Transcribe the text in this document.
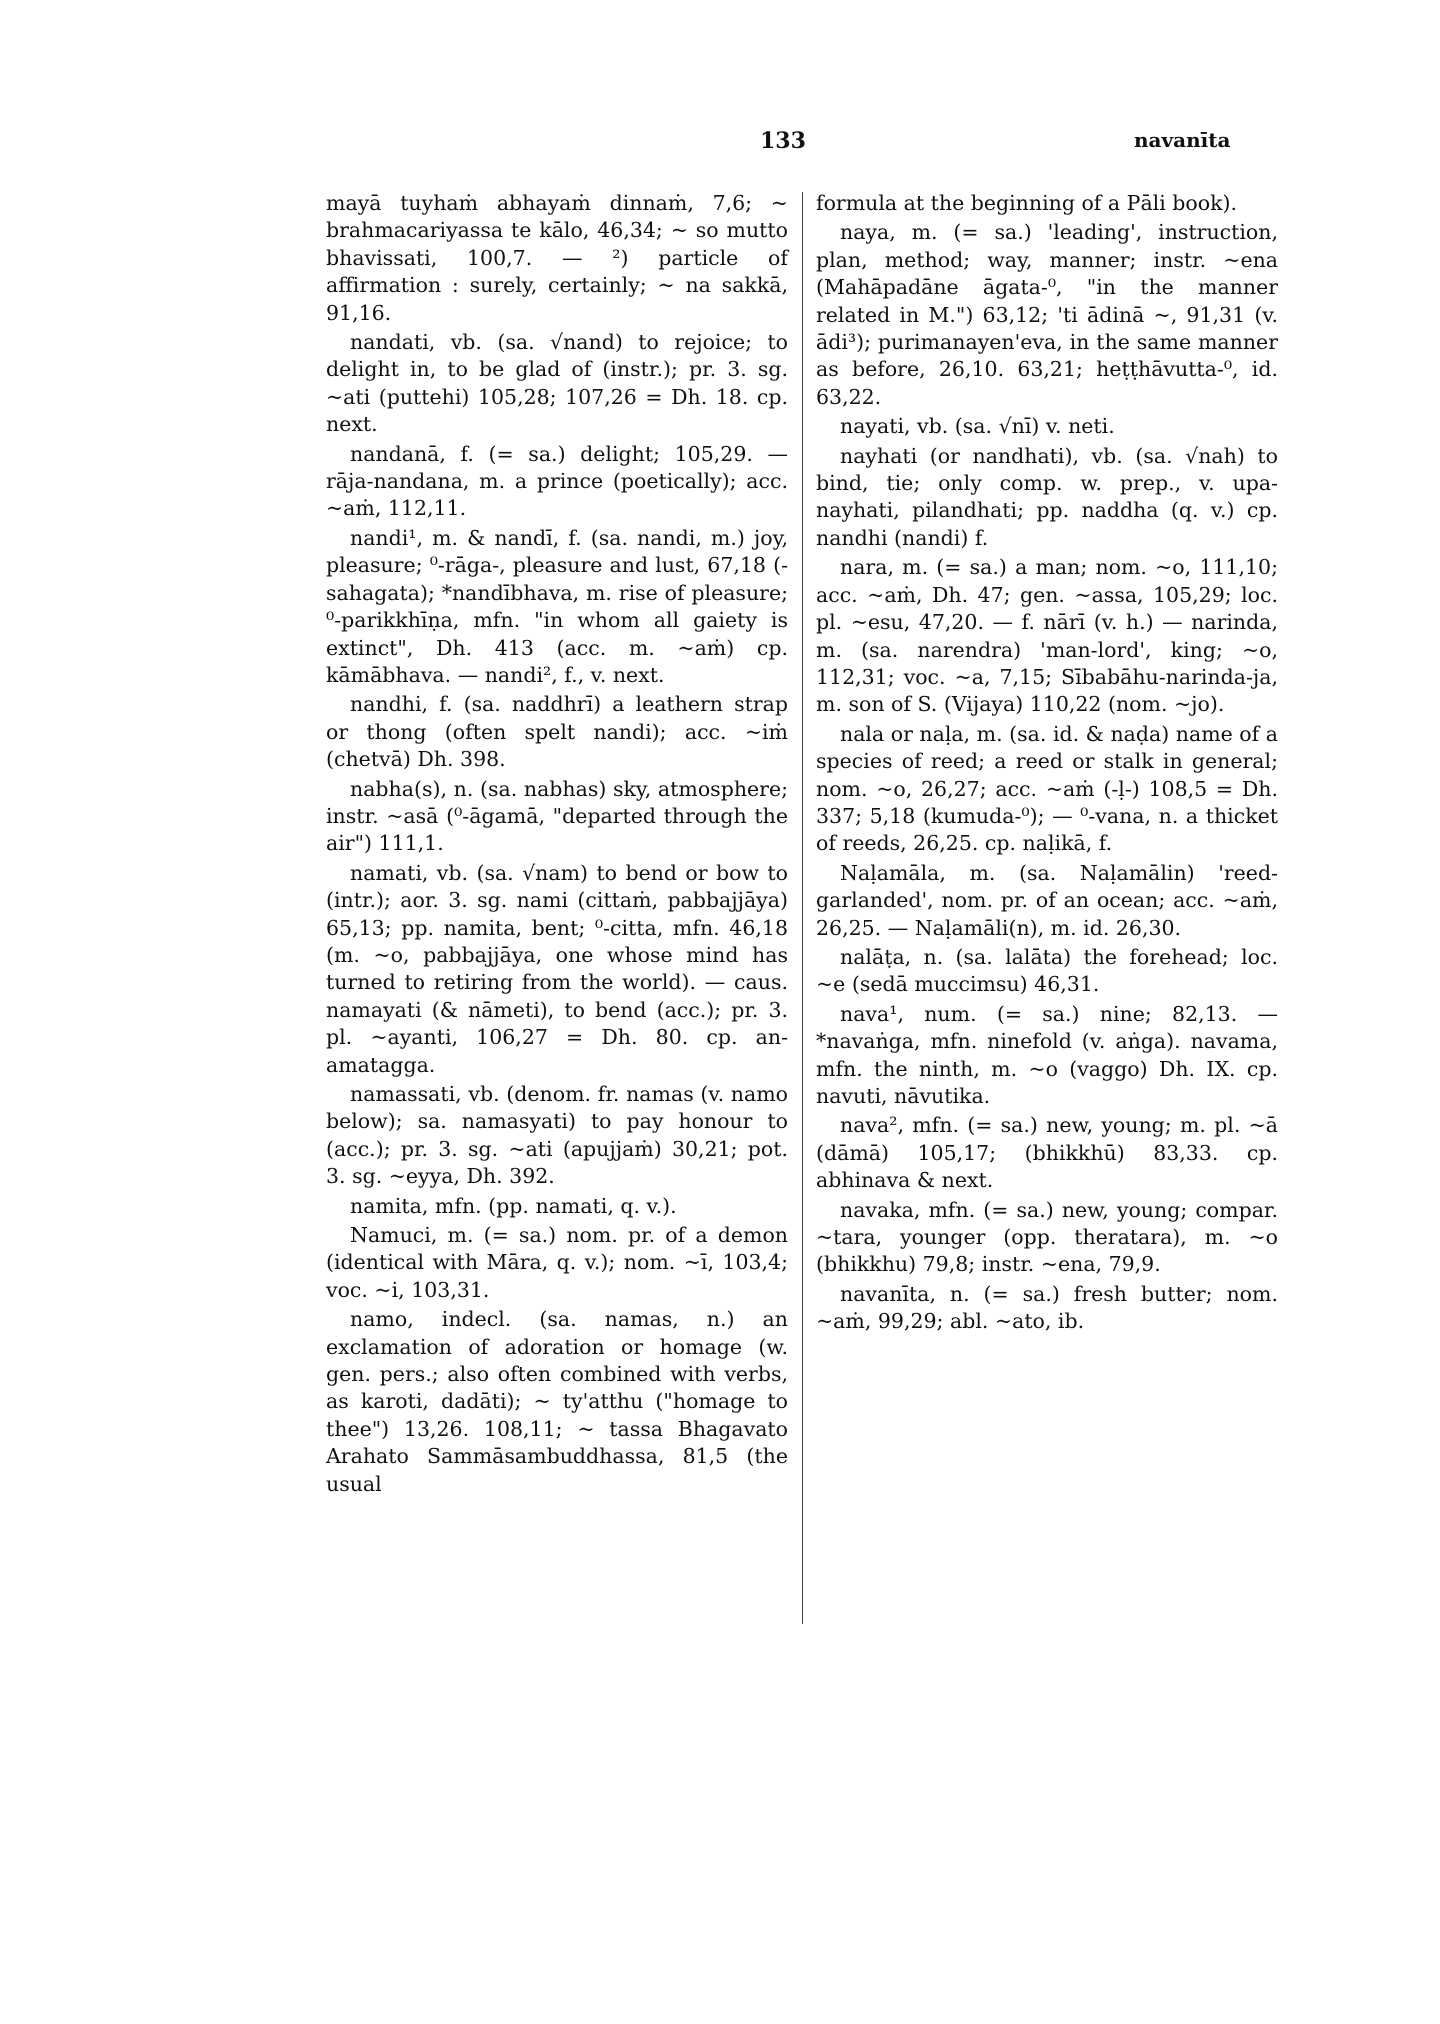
133	navanīta

mayā tuyhaṁ abhayaṁ dinnaṁ, 7,6; ~ brahmacariyassa te kālo, 46,34; ~ so mutto bhavissati, 100,7. — ²) particle of affirmation : surely, certainly; ~ na sakkā, 91,16.

nandati, vb. (sa. √nand) to rejoice; to delight in, to be glad of (instr.); pr. 3. sg. ~ati (puttehi) 105,28; 107,26 = Dh. 18. cp. next.

nandanā, f. (= sa.) delight; 105,29. — rāja-nandana, m. a prince (poetically); acc. ~aṁ, 112,11.

nandi¹, m. & nandī, f. (sa. nandi, m.) joy, pleasure; ⁰-rāga-, pleasure and lust, 67,18 (-sahagata); *nandībhava, m. rise of pleasure; ⁰-parikkhīṇa, mfn. "in whom all gaiety is extinct", Dh. 413 (acc. m. ~aṁ) cp. kāmābhava. — nandi², f., v. next.

nandhi, f. (sa. naddhrī) a leathern strap or thong (often spelt nandi); acc. ~iṁ (chetvā) Dh. 398.

nabha(s), n. (sa. nabhas) sky, atmosphere; instr. ~asā (⁰-āgamā, "departed through the air") 111,1.

namati, vb. (sa. √nam) to bend or bow to (intr.); aor. 3. sg. nami (cittaṁ, pabbajjāya) 65,13; pp. namita, bent; ⁰-citta, mfn. 46,18 (m. ~o, pabbajjāya, one whose mind has turned to retiring from the world). — caus. namayati (& nāmeti), to bend (acc.); pr. 3. pl. ~ayanti, 106,27 = Dh. 80. cp. an-amatagga.

namassati, vb. (denom. fr. namas (v. namo below); sa. namasyati) to pay honour to (acc.); pr. 3. sg. ~ati (apujjaṁ) 30,21; pot. 3. sg. ~eyya, Dh. 392.

namita, mfn. (pp. namati, q. v.).

Namuci, m. (= sa.) nom. pr. of a demon (identical with Māra, q. v.); nom. ~ī, 103,4; voc. ~i, 103,31.

namo, indecl. (sa. namas, n.) an exclamation of adoration or homage (w. gen. pers.; also often combined with verbs, as karoti, dadāti); ~ ty'atthu ("homage to thee") 13,26. 108,11; ~ tassa Bhagavato Arahato Sammāsambuddhassa, 81,5 (the usual

formula at the beginning of a Pāli book).

naya, m. (= sa.) 'leading', instruction, plan, method; way, manner; instr. ~ena (Mahāpadāne āgata-⁰, "in the manner related in M.") 63,12; 'ti ādinā ~, 91,31 (v. ādi³); purimanayen'eva, in the same manner as before, 26,10. 63,21; heṭṭhāvutta-⁰, id. 63,22.

nayati, vb. (sa. √nī) v. neti.

nayhati (or nandhati), vb. (sa. √nah) to bind, tie; only comp. w. prep., v. upa-nayhati, pilandhati; pp. naddha (q. v.) cp. nandhi (nandi) f.

nara, m. (= sa.) a man; nom. ~o, 111,10; acc. ~aṁ, Dh. 47; gen. ~assa, 105,29; loc. pl. ~esu, 47,20. — f. nārī (v. h.) — narinda, m. (sa. narendra) 'man-lord', king; ~o, 112,31; voc. ~a, 7,15; Sībabāhu-narinda-ja, m. son of S. (Vijaya) 110,22 (nom. ~jo).

nala or naḷa, m. (sa. id. & naḍa) name of a species of reed; a reed or stalk in general; nom. ~o, 26,27; acc. ~aṁ (-ḷ-) 108,5 = Dh. 337; 5,18 (kumuda-⁰); — ⁰-vana, n. a thicket of reeds, 26,25. cp. naḷikā, f.

Naḷamāla, m. (sa. Naḷamālin) 'reed-garlanded', nom. pr. of an ocean; acc. ~aṁ, 26,25. — Naḷamāli(n), m. id. 26,30.

nalāṭa, n. (sa. lalāta) the forehead; loc. ~e (sedā muccimsu) 46,31.

nava¹, num. (= sa.) nine; 82,13. — *navaṅga, mfn. ninefold (v. aṅga). navama, mfn. the ninth, m. ~o (vaggo) Dh. IX. cp. navuti, nāvutika.

nava², mfn. (= sa.) new, young; m. pl. ~ā (dāmā) 105,17; (bhikkhū) 83,33. cp. abhinava & next.

navaka, mfn. (= sa.) new, young; compar. ~tara, younger (opp. theratara), m. ~o (bhikkhu) 79,8; instr. ~ena, 79,9.

navanīta, n. (= sa.) fresh butter; nom. ~aṁ, 99,29; abl. ~ato, ib.
